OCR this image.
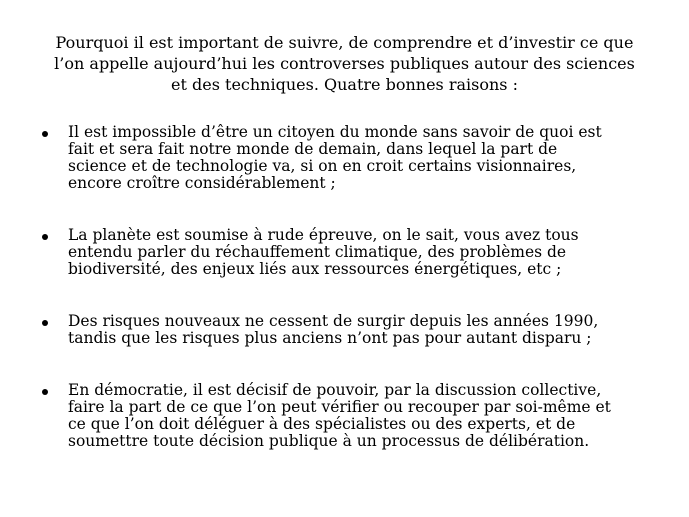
Pourquoi il est important de suivre, de comprendre et d’investir ce que
l’on appelle aujourd’hui les controverses publiques autour des sciences
et des techniques. Quatre bonnes raisons :
Il est impossible d’être un citoyen du monde sans savoir de quoi est
fait et sera fait notre monde de demain, dans lequel la part de
science et de technologie va, si on en croit certains visionnaires,
encore croître considérablement ;
La planète est soumise à rude épreuve, on le sait, vous avez tous
entendu parler du réchauffement climatique, des problèmes de
biodiversité, des enjeux liés aux ressources énergétiques, etc ;
Des risques nouveaux ne cessent de surgir depuis les années 1990,
tandis que les risques plus anciens n’ont pas pour autant disparu ;
En démocratie, il est décisif de pouvoir, par la discussion collective,
faire la part de ce que l’on peut vérifier ou recouper par soi-même et
ce que l’on doit déléguer à des spécialistes ou des experts, et de
soumettre toute décision publique à un processus de délibération.
